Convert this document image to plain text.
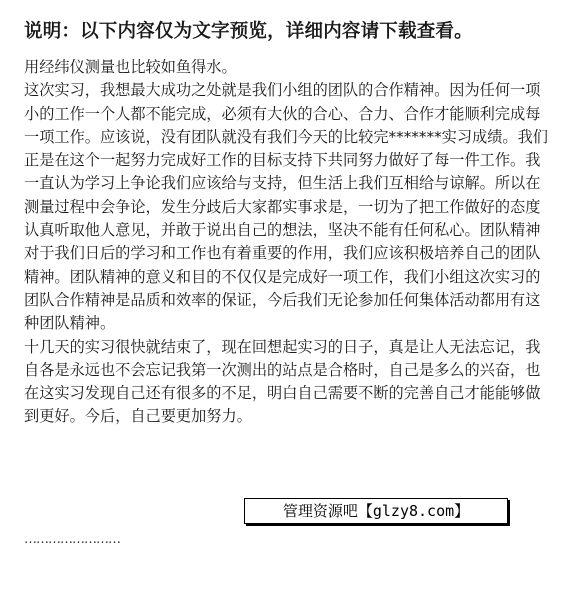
说明：以下内容仅为文字预览，详细内容请下载查看。

用经纬仪测量也比较如鱼得水。

这次实习，我想最大成功之处就是我们小组的团队的合作精神。因为任何一项小的工作一个人都不能完成，必须有大伙的合心、合力、合作才能顺利完成每一项工作。应该说，没有团队就没有我们今天的比较完*******实习成绩。我们正是在这个一起努力完成好工作的目标支持下共同努力做好了每一件工作。我一直认为学习上争论我们应该给与支持，但生活上我们互相给与谅解。所以在测量过程中会争论，发生分歧后大家都实事求是，一切为了把工作做好的态度认真听取他人意见，并敢于说出自己的想法，坚决不能有任何私心。团队精神对于我们日后的学习和工作也有着重要的作用，我们应该积极培养自己的团队精神。团队精神的意义和目的不仅仅是完成好一项工作，我们小组这次实习的团队合作精神是品质和效率的保证，今后我们无论参加任何集体活动都用有这种团队精神。

十几天的实习很快就结束了，现在回想起实习的日子，真是让人无法忘记，我自各是永远也不会忘记我第一次测出的站点是合格时，自己是多么的兴奋，也在这实习发现自己还有很多的不足，明白自己需要不断的完善自己才能能够做到更好。今后，自己要更加努力。

……………………
管理资源吧【glzy8.com】
